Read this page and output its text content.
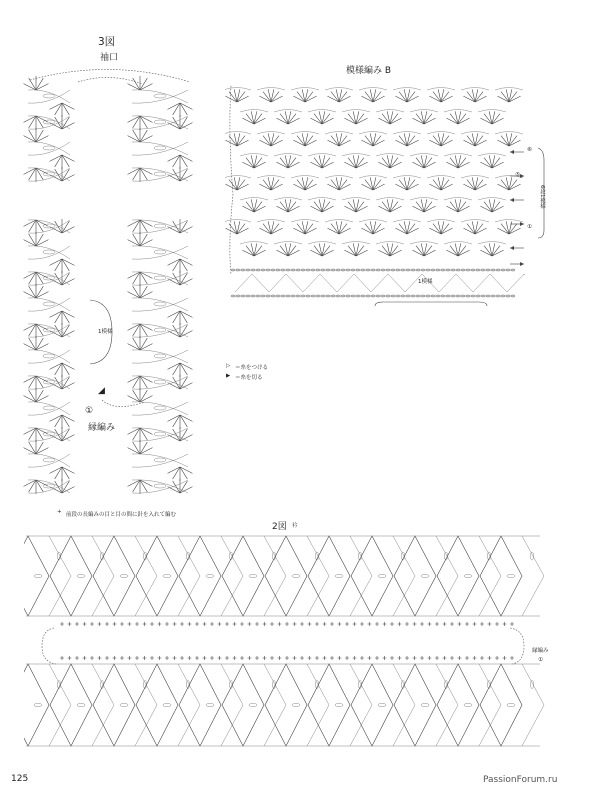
3図
袖口
1模様
①
縁編み
◢
模様編み B
1模様
⑥
⑤
①
6段1模様
▷ ＝糸をつける
▶ ＝糸を切る
+ 前段の長編みの目と目の間に針を入れて編む
2図 衿
縁編み
①
125	PassionForum.ru
